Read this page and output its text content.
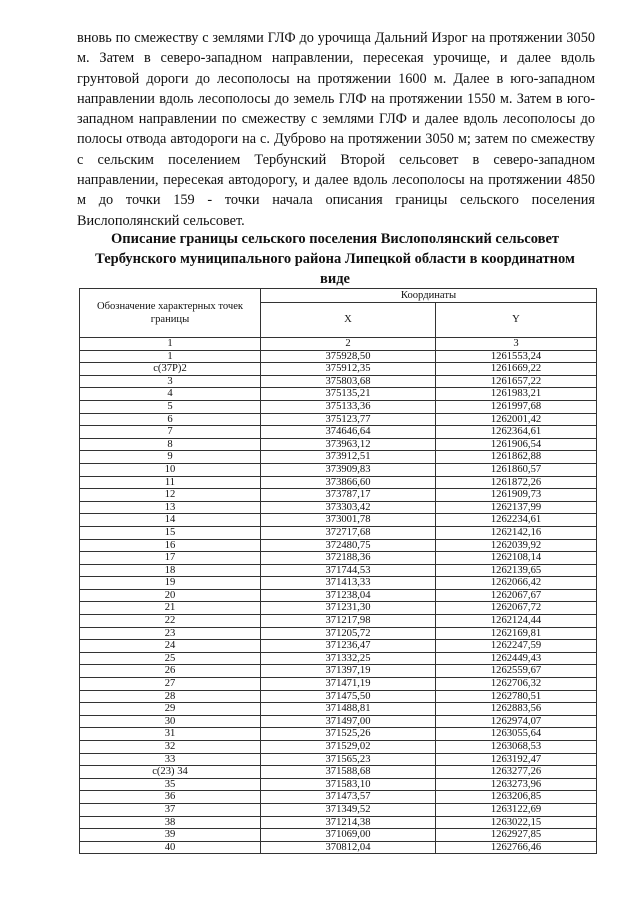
вновь по смежеству с землями ГЛФ до урочища Дальний Изрог на протяжении 3050 м. Затем в северо-западном направлении, пересекая урочище, и далее вдоль грунтовой дороги до лесополосы на протяжении 1600 м. Далее в юго-западном направлении вдоль лесополосы до земель ГЛФ на протяжении 1550 м. Затем в юго-западном направлении по смежеству с землями ГЛФ и далее вдоль лесополосы до полосы отвода автодороги на с. Дуброво на протяжении 3050 м; затем по смежеству с сельским поселением Тербунский Второй сельсовет в северо-западном направлении, пересекая автодорогу, и далее вдоль лесополосы на протяжении 4850 м до точки 159 - точки начала описания границы сельского поселения Вислополянский сельсовет.

Описание границы сельского поселения Вислополянский сельсовет
Тербунского муниципального района Липецкой области в координатном
виде
Обозначение характерных точек границы	Координаты	
	X	Y
1	2	3
1	375928,50	1261553,24
с(37Р)2	375912,35	1261669,22
3	375803,68	1261657,22
4	375135,21	1261983,21
5	375133,36	1261997,68
6	375123,77	1262001,42
7	374646,64	1262364,61
8	373963,12	1261906,54
9	373912,51	1261862,88
10	373909,83	1261860,57
11	373866,60	1261872,26
12	373787,17	1261909,73
13	373303,42	1262137,99
14	373001,78	1262234,61
15	372717,68	1262142,16
16	372480,75	1262039,92
17	372188,36	1262108,14
18	371744,53	1262139,65
19	371413,33	1262066,42
20	371238,04	1262067,67
21	371231,30	1262067,72
22	371217,98	1262124,44
23	371205,72	1262169,81
24	371236,47	1262247,59
25	371332,25	1262449,43
26	371397,19	1262559,67
27	371471,19	1262706,32
28	371475,50	1262780,51
29	371488,81	1262883,56
30	371497,00	1262974,07
31	371525,26	1263055,64
32	371529,02	1263068,53
33	371565,23	1263192,47
с(23) 34	371588,68	1263277,26
35	371583,10	1263273,96
36	371473,57	1263206,85
37	371349,52	1263122,69
38	371214,38	1263022,15
39	371069,00	1262927,85
40	370812,04	1262766,46
